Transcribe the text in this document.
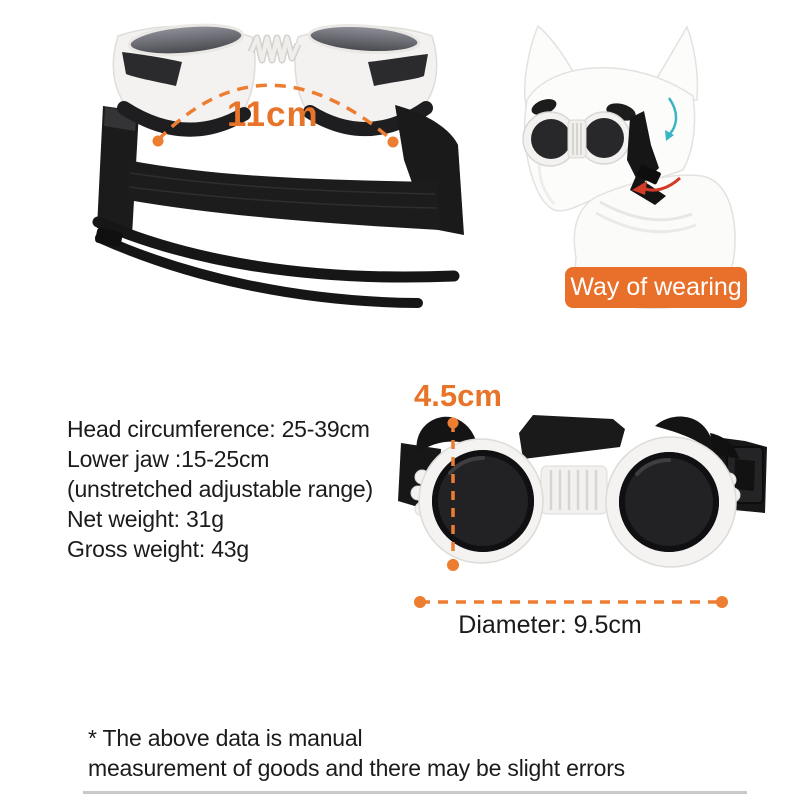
11cm
Way of wearing
Head circumference: 25-39cm
Lower jaw :15-25cm
(unstretched adjustable range)
Net weight: 31g
Gross weight: 43g
4.5cm
Diameter: 9.5cm
* The above data is manual
measurement of goods and there may be slight errors
